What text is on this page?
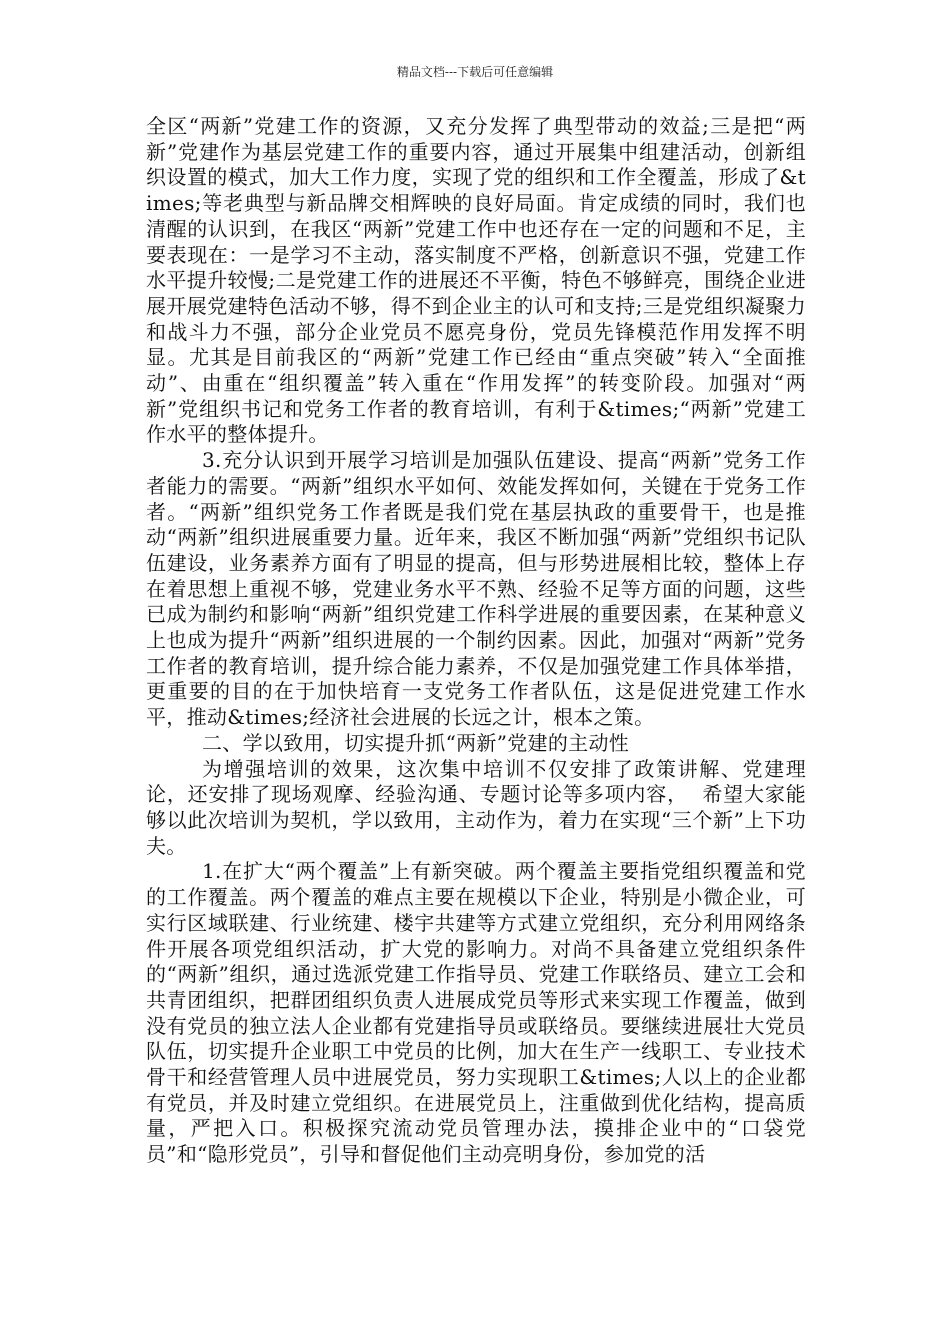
精品文档---下载后可任意编辑

全区“两新”党建工作的资源，又充分发挥了典型带动的效益;三是把“两新”党建作为基层党建工作的重要内容，通过开展集中组建活动，创新组织设置的模式，加大工作力度，实现了党的组织和工作全覆盖，形成了&times;等老典型与新品牌交相辉映的良好局面。肯定成绩的同时，我们也清醒的认识到，在我区“两新”党建工作中也还存在一定的问题和不足，主要表现在：一是学习不主动，落实制度不严格，创新意识不强，党建工作水平提升较慢;二是党建工作的进展还不平衡，特色不够鲜亮，围绕企业进展开展党建特色活动不够，得不到企业主的认可和支持;三是党组织凝聚力和战斗力不强，部分企业党员不愿亮身份，党员先锋模范作用发挥不明显。尤其是目前我区的“两新”党建工作已经由“重点突破”转入“全面推动”、由重在“组织覆盖”转入重在“作用发挥”的转变阶段。加强对“两新”党组织书记和党务工作者的教育培训，有利于&times;“两新”党建工作水平的整体提升。

3.充分认识到开展学习培训是加强队伍建设、提高“两新”党务工作者能力的需要。“两新”组织水平如何、效能发挥如何，关键在于党务工作者。“两新”组织党务工作者既是我们党在基层执政的重要骨干，也是推动“两新”组织进展重要力量。近年来，我区不断加强“两新”党组织书记队伍建设，业务素养方面有了明显的提高，但与形势进展相比较，整体上存在着思想上重视不够，党建业务水平不熟、经验不足等方面的问题，这些已成为制约和影响“两新”组织党建工作科学进展的重要因素，在某种意义上也成为提升“两新”组织进展的一个制约因素。因此，加强对“两新”党务工作者的教育培训，提升综合能力素养，不仅是加强党建工作具体举措，更重要的目的在于加快培育一支党务工作者队伍，这是促进党建工作水平，推动&times;经济社会进展的长远之计，根本之策。

二、学以致用，切实提升抓“两新”党建的主动性

为增强培训的效果，这次集中培训不仅安排了政策讲解、党建理论，还安排了现场观摩、经验沟通、专题讨论等多项内容，  希望大家能够以此次培训为契机，学以致用，主动作为，着力在实现“三个新”上下功夫。

1.在扩大“两个覆盖”上有新突破。两个覆盖主要指党组织覆盖和党的工作覆盖。两个覆盖的难点主要在规模以下企业，特别是小微企业，可实行区域联建、行业统建、楼宇共建等方式建立党组织，充分利用网络条件开展各项党组织活动，扩大党的影响力。对尚不具备建立党组织条件的“两新”组织，通过选派党建工作指导员、党建工作联络员、建立工会和共青团组织，把群团组织负责人进展成党员等形式来实现工作覆盖，做到没有党员的独立法人企业都有党建指导员或联络员。要继续进展壮大党员队伍，切实提升企业职工中党员的比例，加大在生产一线职工、专业技术骨干和经营管理人员中进展党员，努力实现职工&times;人以上的企业都有党员，并及时建立党组织。在进展党员上，注重做到优化结构，提高质量，严把入口。积极探究流动党员管理办法，摸排企业中的“口袋党员”和“隐形党员”，引导和督促他们主动亮明身份，参加党的活
